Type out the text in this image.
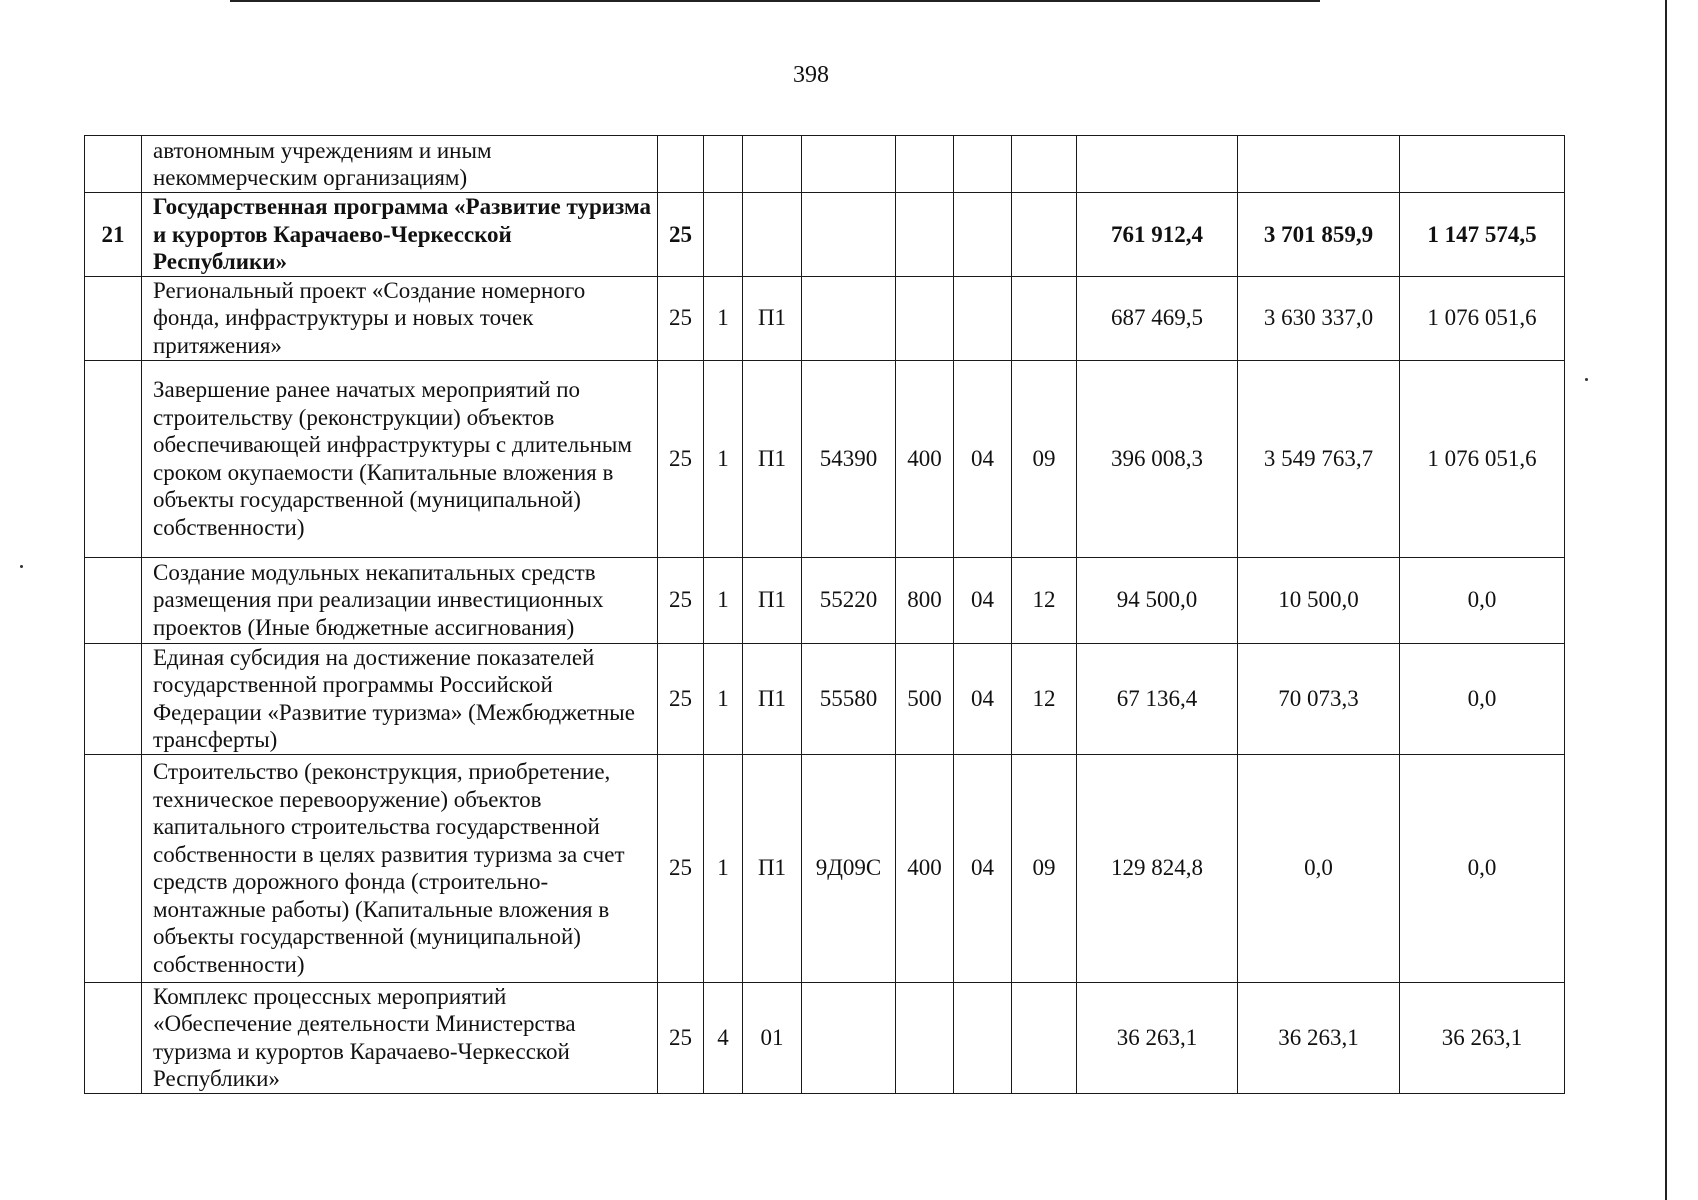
398
	автономным учреждениям и иным некоммерческим организациям)										
21	Государственная программа «Развитие туризма и курортов Карачаево-Черкесской Республики»	25							761 912,4	3 701 859,9	1 147 574,5
	Региональный проект «Создание номерного фонда, инфраструктуры и новых точек притяжения»	25	1	П1					687 469,5	3 630 337,0	1 076 051,6
	Завершение ранее начатых мероприятий по строительству (реконструкции) объектов обеспечивающей инфраструктуры с длительным сроком окупаемости (Капитальные вложения в объекты государственной (муниципальной) собственности)	25	1	П1	54390	400	04	09	396 008,3	3 549 763,7	1 076 051,6
	Создание модульных некапитальных средств размещения при реализации инвестиционных проектов (Иные бюджетные ассигнования)	25	1	П1	55220	800	04	12	94 500,0	10 500,0	0,0
	Единая субсидия на достижение показателей государственной программы Российской Федерации «Развитие туризма» (Межбюджетные трансферты)	25	1	П1	55580	500	04	12	67 136,4	70 073,3	0,0
	Строительство (реконструкция, приобретение, техническое перевооружение) объектов капитального строительства государственной собственности в целях развития туризма за счет средств дорожного фонда (строительно-монтажные работы) (Капитальные вложения в объекты государственной (муниципальной) собственности)	25	1	П1	9Д09С	400	04	09	129 824,8	0,0	0,0
	Комплекс процессных мероприятий «Обеспечение деятельности Министерства туризма и курортов Карачаево-Черкесской Республики»	25	4	01					36 263,1	36 263,1	36 263,1
